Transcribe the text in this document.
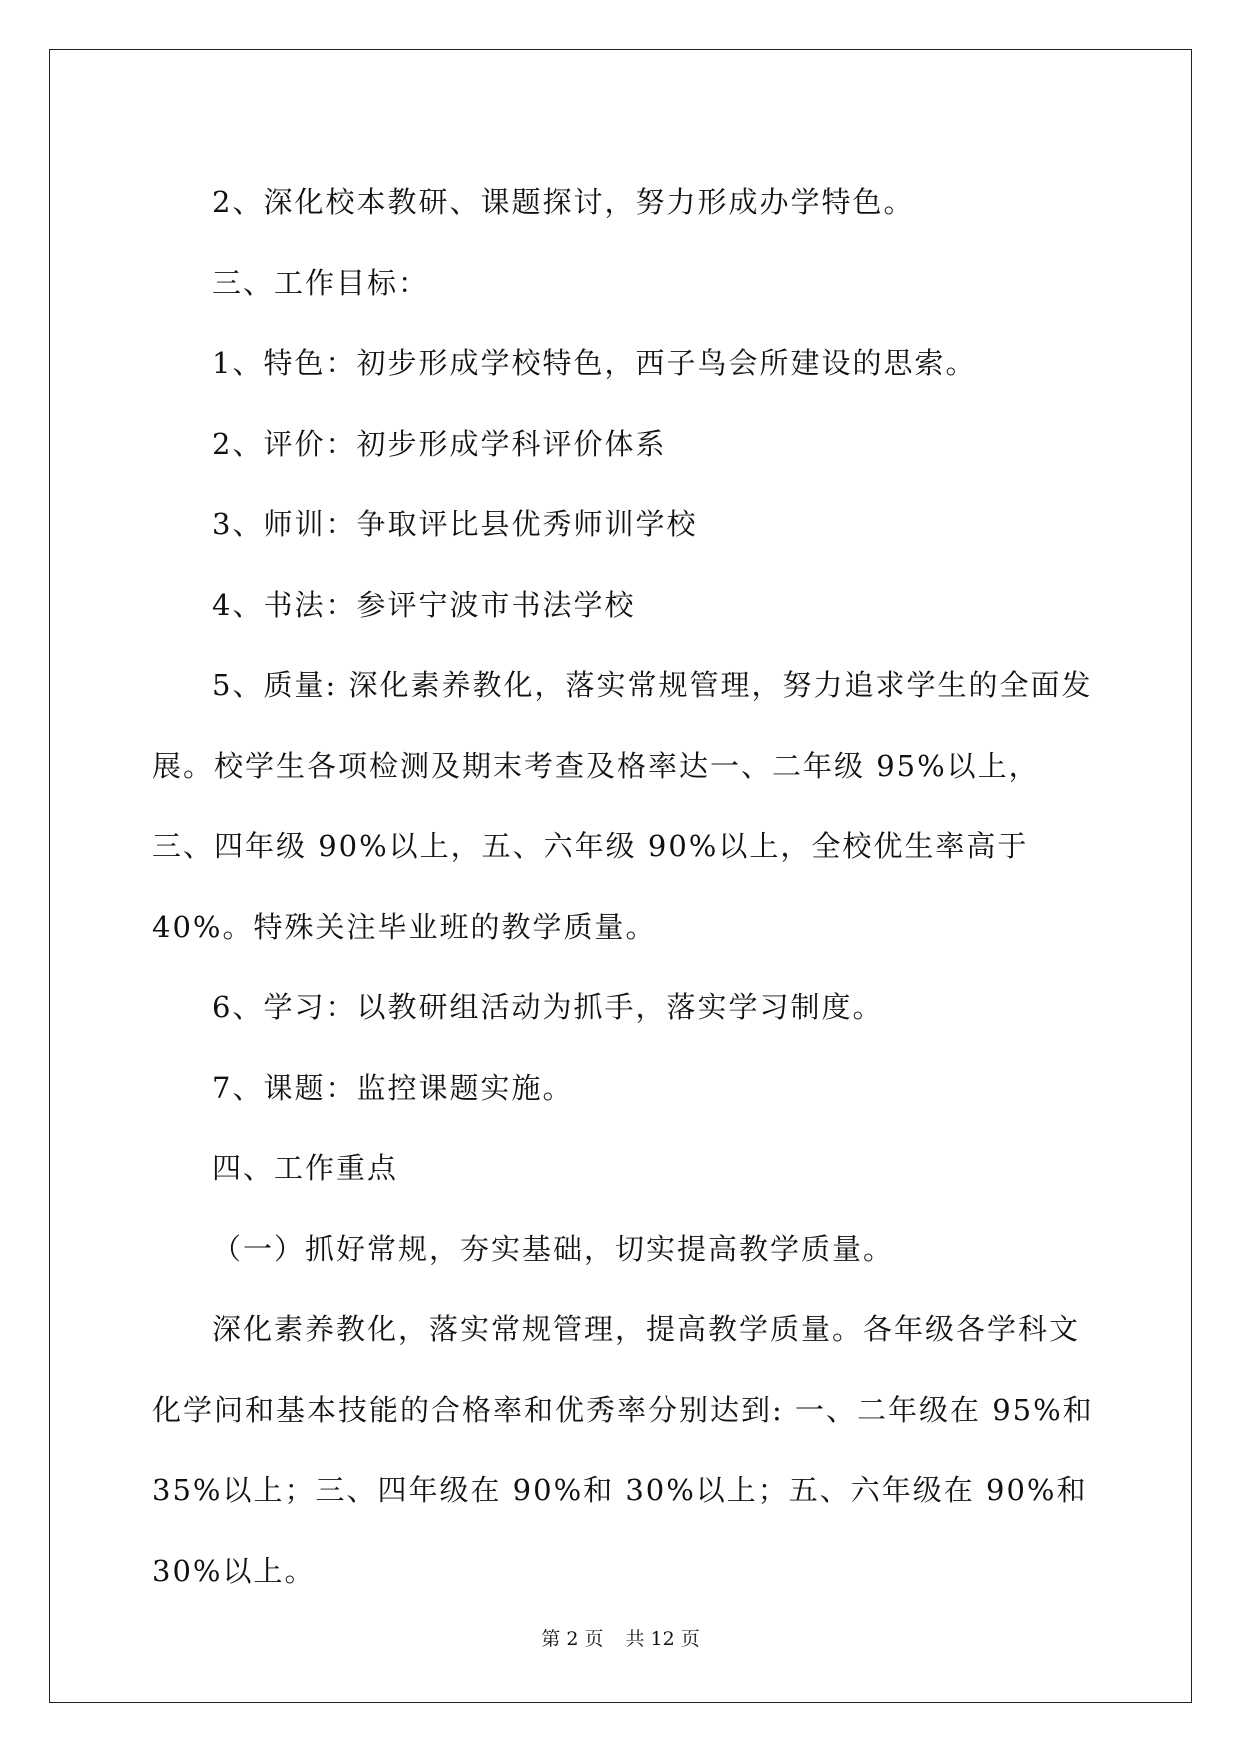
2、深化校本教研、课题探讨，努力形成办学特色。

三、工作目标：

1、特色：初步形成学校特色，西子鸟会所建设的思索。

2、评价：初步形成学科评价体系

3、师训：争取评比县优秀师训学校

4、书法：参评宁波市书法学校

5、质量: 深化素养教化，落实常规管理，努力追求学生的全面发展。校学生各项检测及期末考查及格率达一、二年级 95%以上，三、四年级 90%以上，五、六年级 90%以上，全校优生率高于 40%。特殊关注毕业班的教学质量。

6、学习：以教研组活动为抓手，落实学习制度。

7、课题：监控课题实施。

四、工作重点

（一）抓好常规，夯实基础，切实提高教学质量。

深化素养教化，落实常规管理，提高教学质量。各年级各学科文化学问和基本技能的合格率和优秀率分别达到: 一、二年级在 95%和 35%以上；三、四年级在 90%和 30%以上；五、六年级在 90%和 30%以上。

第 2 页 共 12 页
